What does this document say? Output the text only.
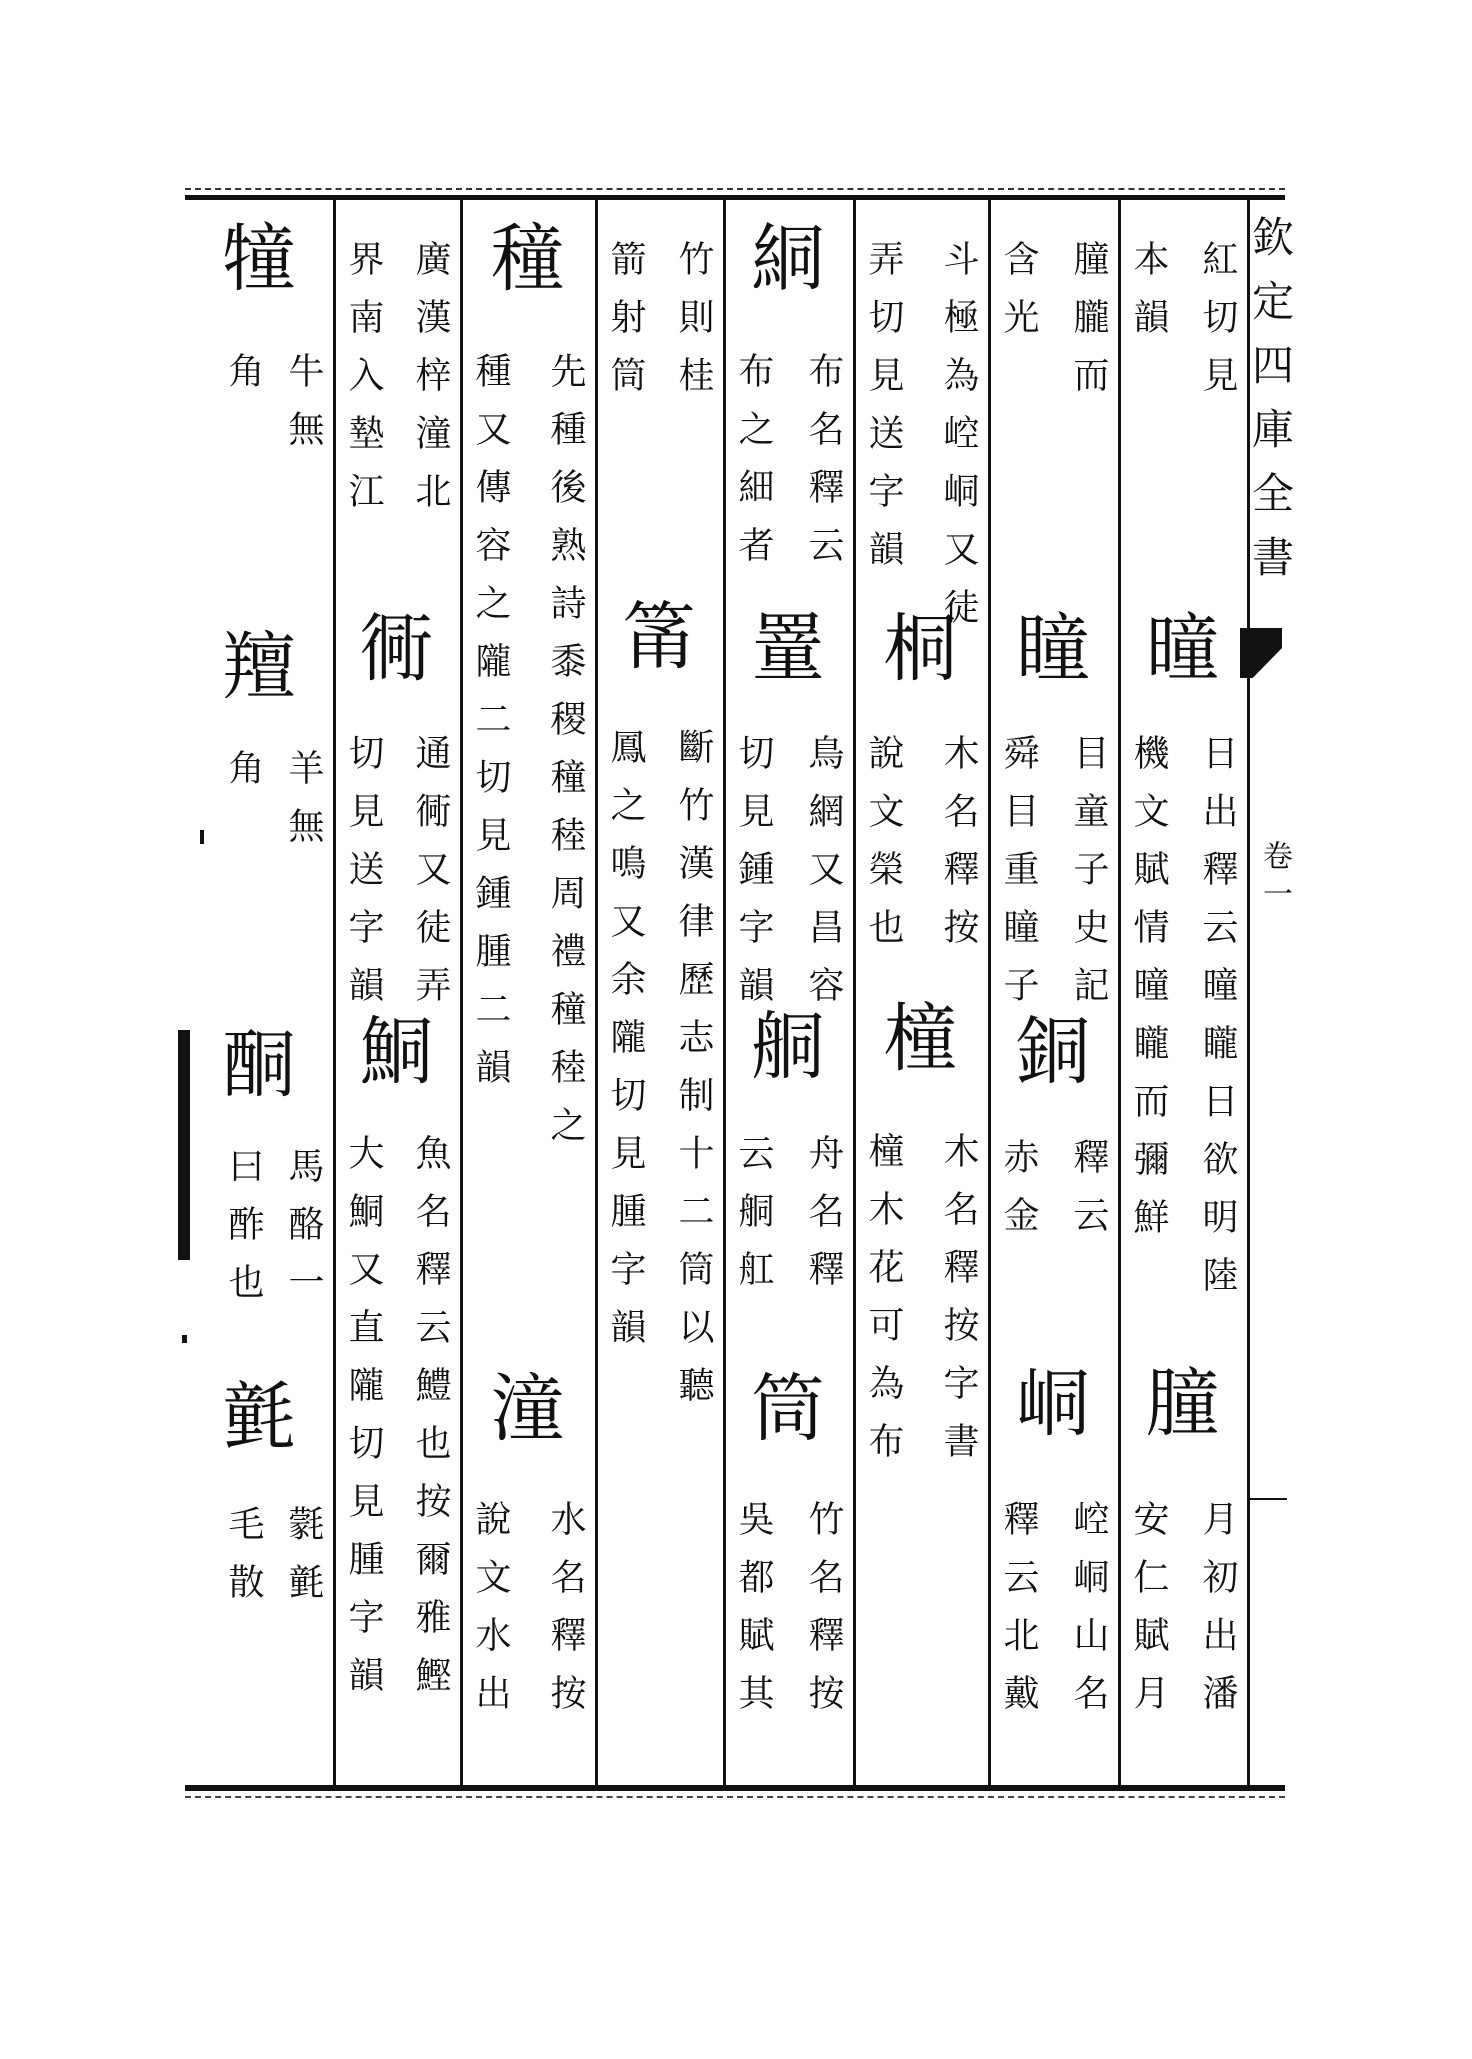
欽定四庫全書
卷一
紅切見
本韻
曈
日出釋云曈矓日欲明陸
機文賦情曈矓而彌鮮
朣
月初出潘
安仁賦月
朣朧而
含光
瞳
目童子史記
舜目重瞳子
銅
釋云
赤金
峒
崆峒山名
釋云北戴
斗極為崆峒又徒
弄切見送字韻
桐
木名釋按
說文榮也
橦
木名釋按字書
橦木花可為布
絧
布名釋云
布之細者
罿
鳥網又昌容
切見鍾字韻
𦨴
舟名釋
云𦨴舡
筒
竹名釋按
吳都賦其
竹則桂
箭射筒
筩
斷竹漢律歷志制十二筒以聽
鳳之鳴又余隴切見腫字韻
穜
先種後熟詩黍稷穜稑周禮穜稑之
種又傳容之隴二切見鍾腫二韻
潼
水名釋按
說文水出
廣漢梓潼北
界南入墊江
衕
通衕又徒弄
切見送字韻
鮦
魚名釋云鱧也按爾雅鰹
大鮦又直隴切見腫字韻
犝
牛無
角
羶
羊無
角
酮
馬酪一
曰酢也
氃
氋氃
毛散
